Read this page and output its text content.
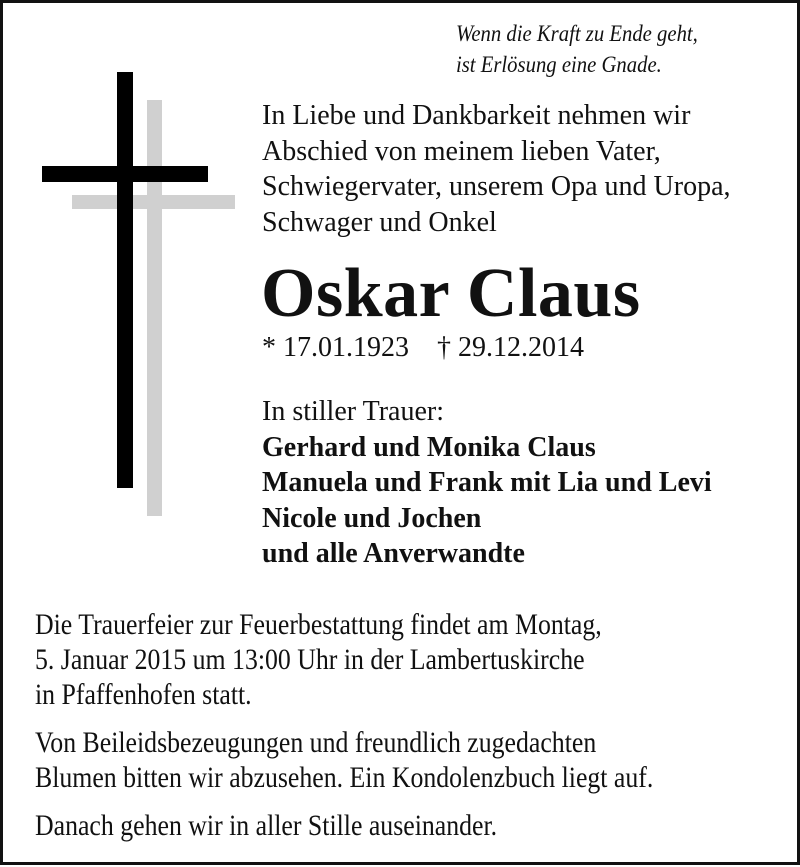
Wenn die Kraft zu Ende geht,
ist Erlösung eine Gnade.
In Liebe und Dankbarkeit nehmen wir
Abschied von meinem lieben Vater,
Schwiegervater, unserem Opa und Uropa,
Schwager und Onkel
Oskar Claus
* 17.01.1923 † 29.12.2014
In stiller Trauer:
Gerhard und Monika Claus
Manuela und Frank mit Lia und Levi
Nicole und Jochen
und alle Anverwandte

Die Trauerfeier zur Feuerbestattung findet am Montag,

5. Januar 2015 um 13:00 Uhr in der Lambertuskirche

in Pfaffenhofen statt.

Von Beileidsbezeugungen und freundlich zugedachten

Blumen bitten wir abzusehen. Ein Kondolenzbuch liegt auf.

Danach gehen wir in aller Stille auseinander.
